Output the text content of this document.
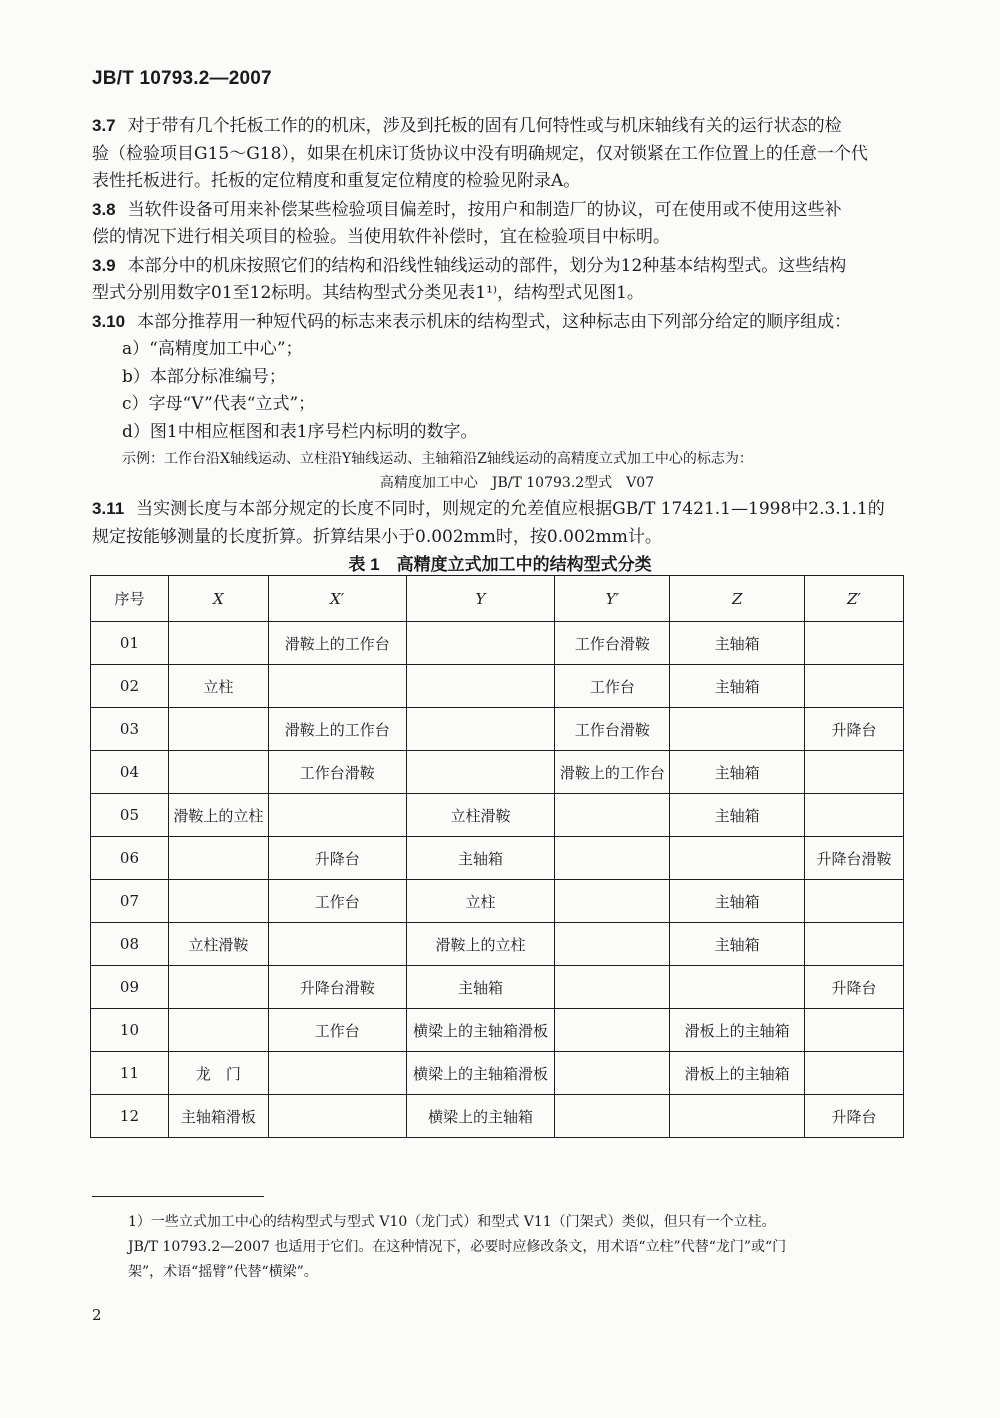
JB/T 10793.2—2007

3.7 对于带有几个托板工作的的机床，涉及到托板的固有几何特性或与机床轴线有关的运行状态的检
验（检验项目G15～G18），如果在机床订货协议中没有明确规定，仅对锁紧在工作位置上的任意一个代
表性托板进行。托板的定位精度和重复定位精度的检验见附录A。

3.8 当软件设备可用来补偿某些检验项目偏差时，按用户和制造厂的协议，可在使用或不使用这些补
偿的情况下进行相关项目的检验。当使用软件补偿时，宜在检验项目中标明。

3.9 本部分中的机床按照它们的结构和沿线性轴线运动的部件，划分为12种基本结构型式。这些结构
型式分别用数字01至12标明。其结构型式分类见表1¹⁾，结构型式见图1。

3.10 本部分推荐用一种短代码的标志来表示机床的结构型式，这种标志由下列部分给定的顺序组成：

a）“高精度加工中心”；

b）本部分标准编号；

c）字母“V”代表“立式”；

d）图1中相应框图和表1序号栏内标明的数字。

示例：工作台沿X轴线运动、立柱沿Y轴线运动、主轴箱沿Z轴线运动的高精度立式加工中心的标志为：

高精度加工中心　JB/T 10793.2型式　V07

3.11 当实测长度与本部分规定的长度不同时，则规定的允差值应根据GB/T 17421.1—1998中2.3.1.1的
规定按能够测量的长度折算。折算结果小于0.002mm时，按0.002mm计。

表 1　高精度立式加工中的结构型式分类
序号	X	X′	Y	Y′	Z	Z′
01		滑鞍上的工作台		工作台滑鞍	主轴箱	
02	立柱			工作台	主轴箱	
03		滑鞍上的工作台		工作台滑鞍		升降台
04		工作台滑鞍		滑鞍上的工作台	主轴箱	
05	滑鞍上的立柱		立柱滑鞍		主轴箱	
06		升降台	主轴箱			升降台滑鞍
07		工作台	立柱		主轴箱	
08	立柱滑鞍		滑鞍上的立柱		主轴箱	
09		升降台滑鞍	主轴箱			升降台
10		工作台	横梁上的主轴箱滑板		滑板上的主轴箱	
11	龙　门		横梁上的主轴箱滑板		滑板上的主轴箱	
12	主轴箱滑板		横梁上的主轴箱			升降台

1）一些立式加工中心的结构型式与型式 V10（龙门式）和型式 V11（门架式）类似，但只有一个立柱。

JB/T 10793.2—2007 也适用于它们。在这种情况下，必要时应修改条文，用术语“立柱”代替“龙门”或“门

架”，术语“摇臂”代替“横梁”。

2
